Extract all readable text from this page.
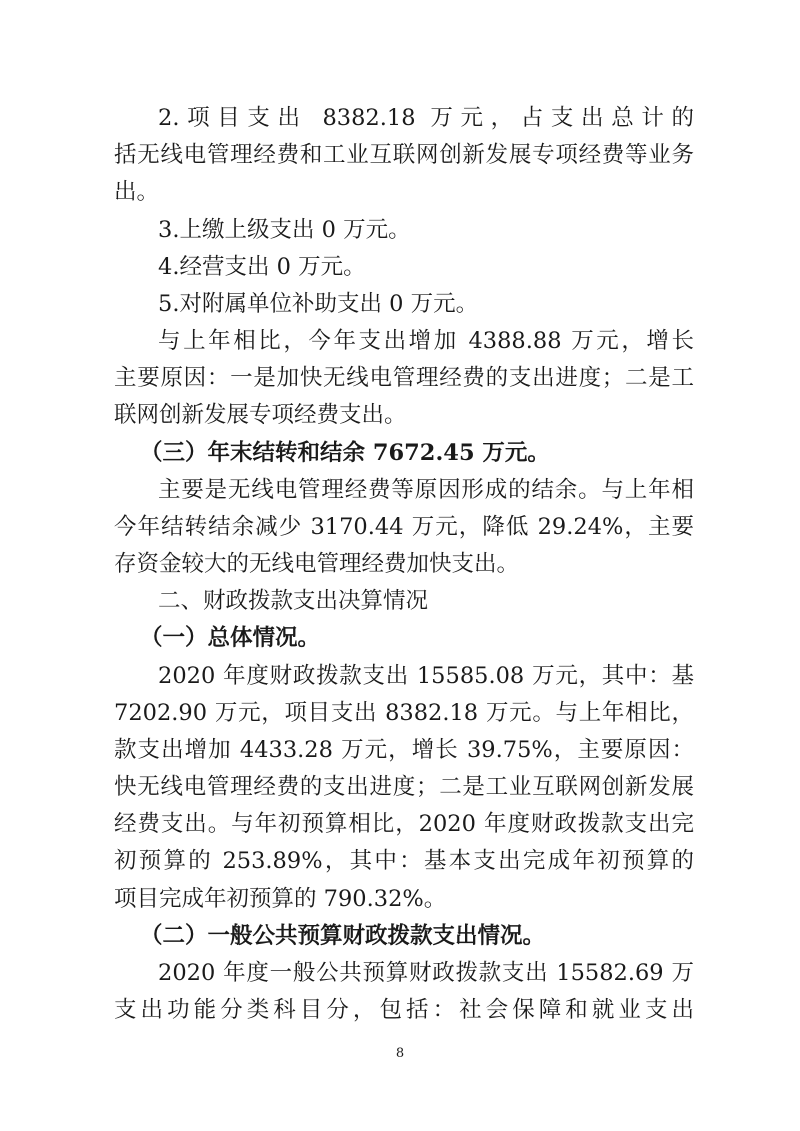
2.项目支出 8382.18 万元，占支出总计的
括无线电管理经费和工业互联网创新发展专项经费等业务
出。
3.上缴上级支出 0 万元。
4.经营支出 0 万元。
5.对附属单位补助支出 0 万元。
与上年相比，今年支出增加 4388.88 万元，增长
主要原因：一是加快无线电管理经费的支出进度；二是工
联网创新发展专项经费支出。
（三）年末结转和结余 7672.45 万元。
主要是无线电管理经费等原因形成的结余。与上年相
今年结转结余减少 3170.44 万元，降低 29.24%，主要
存资金较大的无线电管理经费加快支出。
二、财政拨款支出决算情况
（一）总体情况。
2020 年度财政拨款支出 15585.08 万元，其中：基
7202.90 万元，项目支出 8382.18 万元。与上年相比，
款支出增加 4433.28 万元，增长 39.75%，主要原因：
快无线电管理经费的支出进度；二是工业互联网创新发展
经费支出。与年初预算相比，2020 年度财政拨款支出完
初预算的 253.89%，其中：基本支出完成年初预算的
项目完成年初预算的 790.32%。
（二）一般公共预算财政拨款支出情况。
2020 年度一般公共预算财政拨款支出 15582.69 万
支出功能分类科目分，包括：社会保障和就业支出
8
